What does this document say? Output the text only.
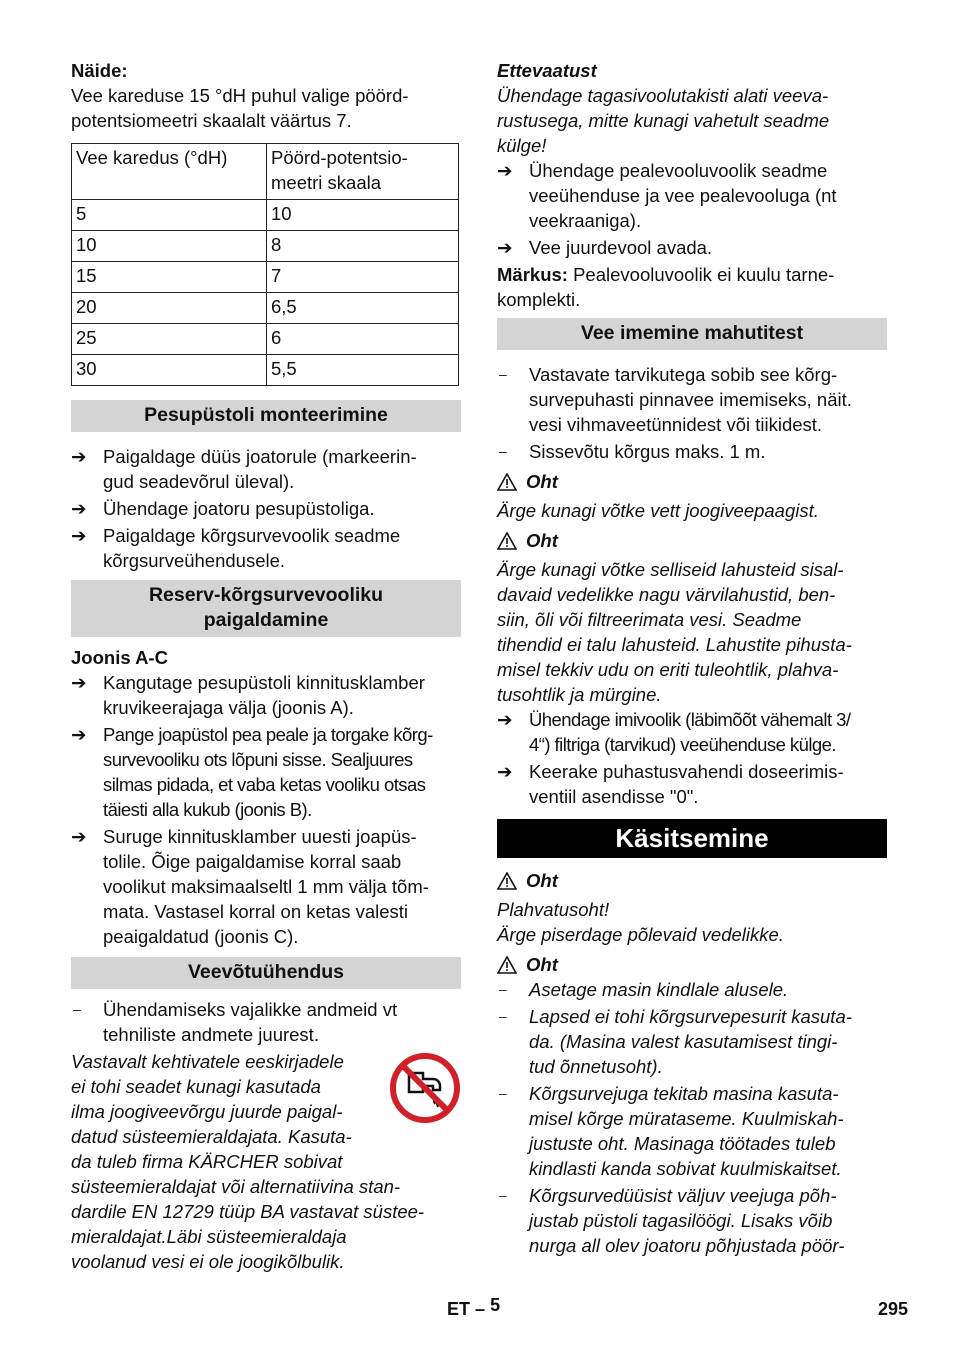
Näide:

Vee kareduse 15 °dH puhul valige pöörd-

potentsiomeetri skaalalt väärtus 7.

Vee karedus (°dH)	Pöörd-potentsio-
meetri skaala
5	10
10	8
15	7
20	6,5
25	6
30	5,5
Pesupüstoli monteerimine
➔ Paigaldage düüs joatorule (markeerin-

gud seadevõrul üleval).

➔ Ühendage joatoru pesupüstoliga.

➔ Paigaldage kõrgsurvevoolik seadme

kõrgsurveühendusele.

Reserv-kõrgsurvevooliku
paigaldamine

Joonis A-C

➔ Kangutage pesupüstoli kinnitusklamber

kruvikeerajaga välja (joonis A).

➔ Pange joapüstol pea peale ja torgake kõrg-

survevooliku ots lõpuni sisse. Sealjuures

silmas pidada, et vaba ketas vooliku otsas

täiesti alla kukub (joonis B).

➔ Suruge kinnitusklamber uuesti joapüs-

tolile. Õige paigaldamise korral saab

voolikut maksimaalseltl 1 mm välja tõm-

mata. Vastasel korral on ketas valesti

peaigaldatud (joonis C).

Veevõtuühendus
–	Ühendamiseks vajalikke andmeid vt

tehniliste andmete juurest.

Vastavalt kehtivatele eeskirjadele

ei tohi seadet kunagi kasutada

ilma joogiveevõrgu juurde paigal-

datud süsteemieraldajata. Kasuta-

da tuleb firma KÄRCHER sobivat

süsteemieraldajat või alternatiivina stan-

dardile EN 12729 tüüp BA vastavat süstee-

mieraldajat.Läbi süsteemieraldaja

voolanud vesi ei ole joogikõlbulik.

Ettevaatust

Ühendage tagasivoolutakisti alati veeva-

rustusega, mitte kunagi vahetult seadme

külge!

➔ Ühendage pealevooluvoolik seadme

veeühenduse ja vee pealevooluga (nt

veekraaniga).

➔ Vee juurdevool avada.

Märkus: Pealevooluvoolik ei kuulu tarne-

komplekti.

Vee imemine mahutitest
–	Vastavate tarvikutega sobib see kõrg-

survepuhasti pinnavee imemiseks, näit.

vesi vihmaveetünnidest või tiikidest.

–	Sissevõtu kõrgus maks. 1 m.

Oht

Ärge kunagi võtke vett joogiveepaagist.

Oht

Ärge kunagi võtke selliseid lahusteid sisal-

davaid vedelikke nagu värvilahustid, ben-

siin, õli või filtreerimata vesi. Seadme

tihendid ei talu lahusteid. Lahustite pihusta-

misel tekkiv udu on eriti tuleohtlik, plahva-

tusohtlik ja mürgine.

➔ Ühendage imivoolik (läbimõõt vähemalt 3/

4“) filtriga (tarvikud) veeühenduse külge.

➔ Keerake puhastusvahendi doseerimis-

ventiil asendisse "0".

Käsitsemine
Oht

Plahvatusoht!

Ärge piserdage põlevaid vedelikke.

Oht
–	Asetage masin kindlale alusele.

–	Lapsed ei tohi kõrgsurvepesurit kasuta-

da. (Masina valest kasutamisest tingi-

tud õnnetusoht).

–	Kõrgsurvejuga tekitab masina kasuta-

misel kõrge mürataseme. Kuulmiskah-

justuste oht. Masinaga töötades tuleb

kindlasti kanda sobivat kuulmiskaitset.

–	Kõrgsurvedüüsist väljuv veejuga põh-

justab püstoli tagasilöögi. Lisaks võib

nurga all olev joatoru põhjustada pöör-

ET – 5	295
